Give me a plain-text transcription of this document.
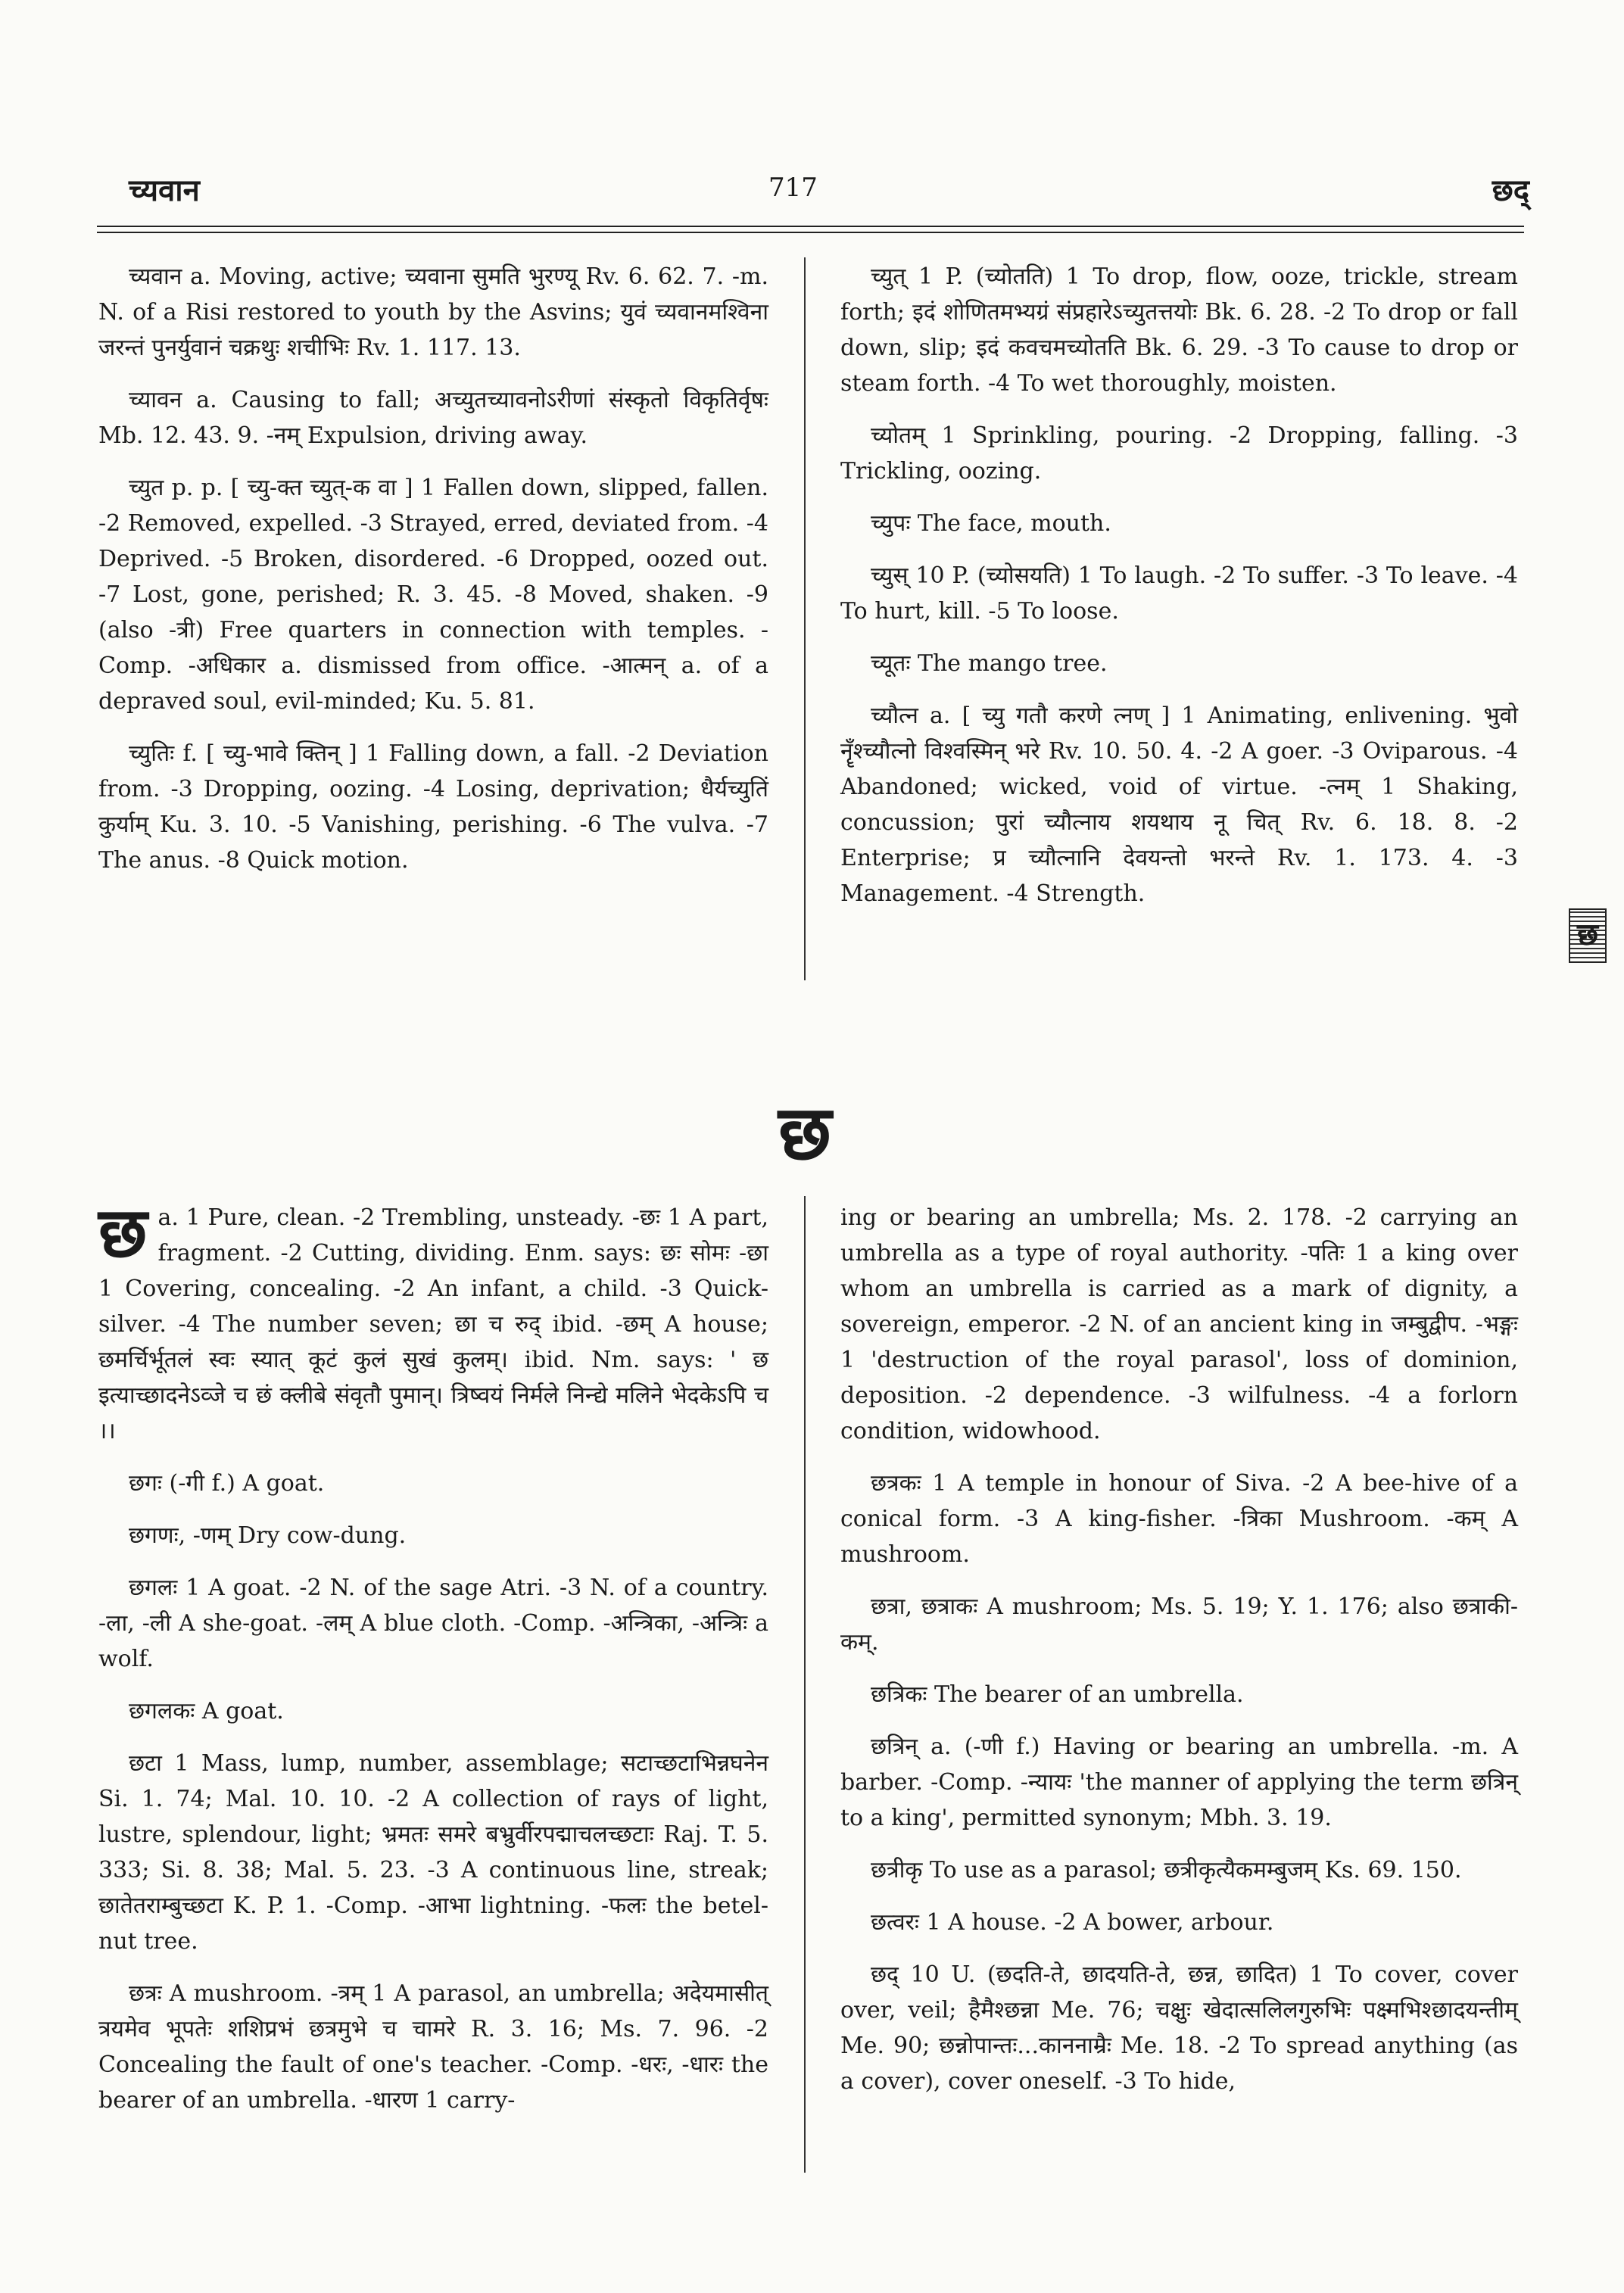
च्यवान	717	छद्

च्यवान a. Moving, active; च्यवाना सुमति भुरण्यू Rv. 6. 62. 7. -m. N. of a Risi restored to youth by the Asvins; युवं च्यवानमश्विना जरन्तं पुनर्युवानं चक्रथुः शचीभिः Rv. 1. 117. 13.

च्यावन a. Causing to fall; अच्युतच्यावनोऽरीणां संस्कृतो विकृतिर्वृषः Mb. 12. 43. 9. -नम् Expulsion, driving away.

च्युत p. p. [ च्यु-क्त च्युत्-क वा ] 1 Fallen down, slipped, fallen. -2 Removed, expelled. -3 Strayed, erred, deviated from. -4 Deprived. -5 Broken, disordered. -6 Dropped, oozed out. -7 Lost, gone, perished; R. 3. 45. -8 Moved, shaken. -9 (also -त्री) Free quarters in connection with temples. -Comp. -अधिकार a. dismissed from office. -आत्मन् a. of a depraved soul, evil-minded; Ku. 5. 81.

च्युतिः f. [ च्यु-भावे क्तिन् ] 1 Falling down, a fall. -2 Deviation from. -3 Dropping, oozing. -4 Losing, deprivation; धैर्यच्युतिं कुर्याम् Ku. 3. 10. -5 Vanishing, perishing. -6 The vulva. -7 The anus. -8 Quick motion.

च्युत् 1 P. (च्योतति) 1 To drop, flow, ooze, trickle, stream forth; इदं शोणितमभ्यग्रं संप्रहारेऽच्युतत्तयोः Bk. 6. 28. -2 To drop or fall down, slip; इदं कवचमच्योतति Bk. 6. 29. -3 To cause to drop or steam forth. -4 To wet thoroughly, moisten.

च्योतम् 1 Sprinkling, pouring. -2 Dropping, falling. -3 Trickling, oozing.

च्युपः The face, mouth.

च्युस् 10 P. (च्योसयति) 1 To laugh. -2 To suffer. -3 To leave. -4 To hurt, kill. -5 To loose.

च्यूतः The mango tree.

च्यौत्न a. [ च्यु गतौ करणे त्नण् ] 1 Animating, enlivening. भुवो नॄँश्च्यौत्नो विश्वस्मिन् भरे Rv. 10. 50. 4. -2 A goer. -3 Oviparous. -4 Abandoned; wicked, void of virtue. -त्नम् 1 Shaking, concussion; पुरां च्यौत्नाय शयथाय नू चित् Rv. 6. 18. 8. -2 Enterprise; प्र च्यौत्नानि देवयन्तो भरन्ते Rv. 1. 173. 4. -3 Management. -4 Strength.

छ
छ

छ a. 1 Pure, clean. -2 Trembling, unsteady. -छः 1 A part, fragment. -2 Cutting, dividing. Enm. says: छः सोमः -छा 1 Covering, concealing. -2 An infant, a child. -3 Quick-silver. -4 The number seven; छा च रुद् ibid. -छम् A house; छमर्चिर्भूतलं स्वः स्यात् कूटं कुलं सुखं कुलम्। ibid. Nm. says: ' छ इत्याच्छादनेऽव्जे च छं क्लीबे संवृतौ पुमान्। त्रिष्वयं निर्मले निन्द्ये मलिने भेदकेऽपि च ।।

छगः (-गी f.) A goat.

छगणः, -णम् Dry cow-dung.

छगलः 1 A goat. -2 N. of the sage Atri. -3 N. of a country. -ला, -ली A she-goat. -लम् A blue cloth. -Comp. -अन्त्रिका, -अन्त्रिः a wolf.

छगलकः A goat.

छटा 1 Mass, lump, number, assemblage; सटाच्छटाभिन्नघनेन Si. 1. 74; Mal. 10. 10. -2 A collection of rays of light, lustre, splendour, light; भ्रमतः समरे बभ्रुर्वीरपद्माचलच्छटाः Raj. T. 5. 333; Si. 8. 38; Mal. 5. 23. -3 A continuous line, streak; छातेतराम्बुच्छटा K. P. 1. -Comp. -आभा lightning. -फलः the betel-nut tree.

छत्रः A mushroom. -त्रम् 1 A parasol, an umbrella; अदेयमासीत् त्रयमेव भूपतेः शशिप्रभं छत्रमुभे च चामरे R. 3. 16; Ms. 7. 96. -2 Concealing the fault of one's teacher. -Comp. -धरः, -धारः the bearer of an umbrella. -धारण 1 carry-

ing or bearing an umbrella; Ms. 2. 178. -2 carrying an umbrella as a type of royal authority. -पतिः 1 a king over whom an umbrella is carried as a mark of dignity, a sovereign, emperor. -2 N. of an ancient king in जम्बुद्वीप. -भङ्गः 1 'destruction of the royal parasol', loss of dominion, deposition. -2 dependence. -3 wilfulness. -4 a forlorn condition, widowhood.

छत्रकः 1 A temple in honour of Siva. -2 A bee-hive of a conical form. -3 A king-fisher. -त्रिका Mushroom. -कम् A mushroom.

छत्रा, छत्राकः A mushroom; Ms. 5. 19; Y. 1. 176; also छत्राकी-कम्.

छत्रिकः The bearer of an umbrella.

छत्रिन् a. (-णी f.) Having or bearing an umbrella. -m. A barber. -Comp. -न्यायः 'the manner of applying the term छत्रिन् to a king', permitted synonym; Mbh. 3. 19.

छत्रीकृ To use as a parasol; छत्रीकृत्यैकमम्बुजम् Ks. 69. 150.

छत्वरः 1 A house. -2 A bower, arbour.

छद् 10 U. (छदति-ते, छादयति-ते, छन्न, छादित) 1 To cover, cover over, veil; हैमैश्छन्ना Me. 76; चक्षुः खेदात्सलिलगुरुभिः पक्ष्मभिश्छादयन्तीम् Me. 90; छन्नोपान्तः...काननाम्रैः Me. 18. -2 To spread anything (as a cover), cover oneself. -3 To hide,
